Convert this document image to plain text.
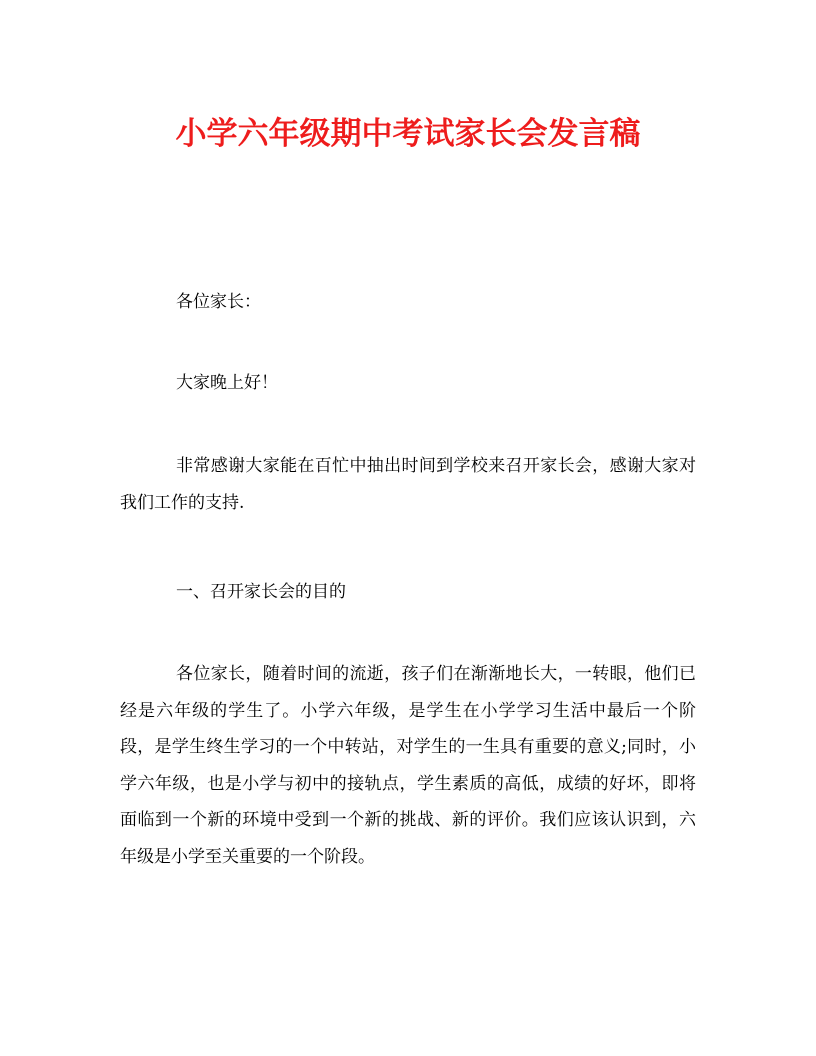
小学六年级期中考试家长会发言稿

各位家长：

大家晚上好！

非常感谢大家能在百忙中抽出时间到学校来召开家长会，感谢大家对我们工作的支持.

一、召开家长会的目的

各位家长，随着时间的流逝，孩子们在渐渐地长大，一转眼，他们已经是六年级的学生了。小学六年级，是学生在小学学习生活中最后一个阶段，是学生终生学习的一个中转站，对学生的一生具有重要的意义;同时，小学六年级，也是小学与初中的接轨点，学生素质的高低，成绩的好坏，即将面临到一个新的环境中受到一个新的挑战、新的评价。我们应该认识到，六年级是小学至关重要的一个阶段。
